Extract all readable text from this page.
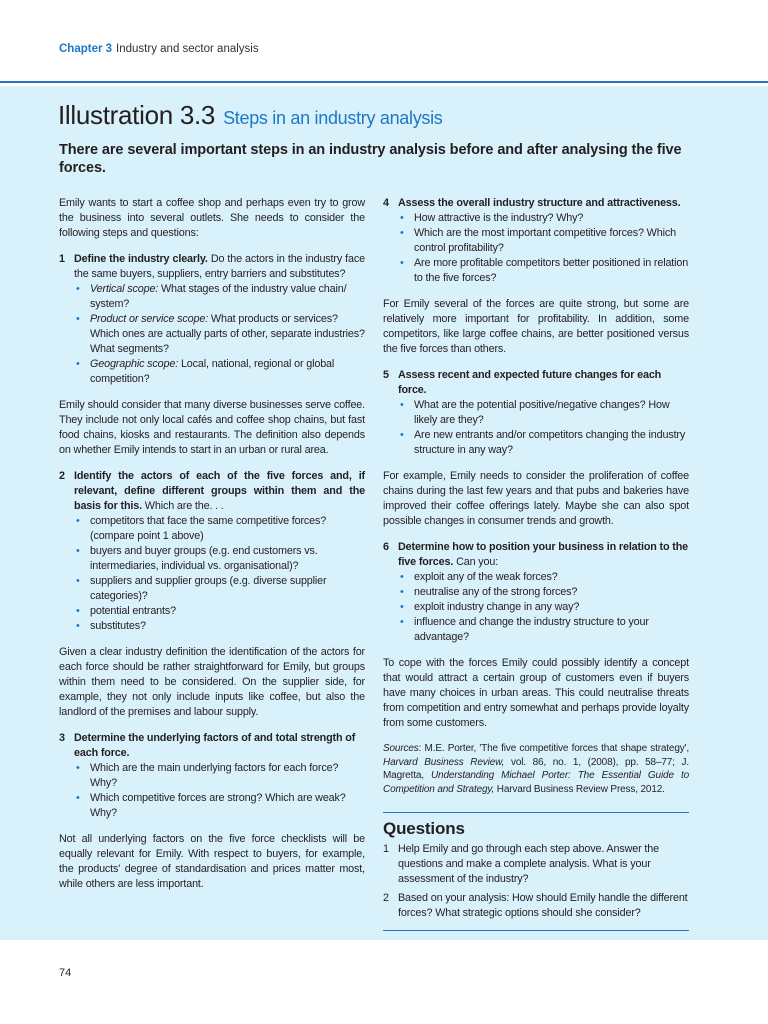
Chapter 3 Industry and sector analysis
Illustration 3.3 Steps in an industry analysis
There are several important steps in an industry analysis before and after analysing the five forces.

Emily wants to start a coffee shop and perhaps even try to grow the business into several outlets. She needs to consider the following steps and questions:

1 Define the industry clearly. Do the actors in the industry face the same buyers, suppliers, entry barriers and substitutes?
• Vertical scope: What stages of the industry value chain/ system?
• Product or service scope: What products or services? Which ones are actually parts of other, separate industries? What segments?
• Geographic scope: Local, national, regional or global competition?

Emily should consider that many diverse businesses serve coffee. They include not only local cafés and coffee shop chains, but fast food chains, kiosks and restaurants. The definition also depends on whether Emily intends to start in an urban or rural area.

2 Identify the actors of each of the five forces and, if relevant, define different groups within them and the basis for this. Which are the. . .
• competitors that face the same competitive forces? (compare point 1 above)
• buyers and buyer groups (e.g. end customers vs. intermediaries, individual vs. organisational)?
• suppliers and supplier groups (e.g. diverse supplier categories)?
• potential entrants?
• substitutes?

Given a clear industry definition the identification of the actors for each force should be rather straightforward for Emily, but groups within them need to be considered. On the supplier side, for example, they not only include inputs like coffee, but also the landlord of the premises and labour supply.

3 Determine the underlying factors of and total strength of each force.
• Which are the main underlying factors for each force? Why?
• Which competitive forces are strong? Which are weak? Why?

Not all underlying factors on the five force checklists will be equally relevant for Emily. With respect to buyers, for example, the products' degree of standardisation and prices matter most, while others are less important.

4 Assess the overall industry structure and attractiveness.
• How attractive is the industry? Why?
• Which are the most important competitive forces? Which control profitability?
• Are more profitable competitors better positioned in relation to the five forces?

For Emily several of the forces are quite strong, but some are relatively more important for profitability. In addition, some competitors, like large coffee chains, are better positioned versus the five forces than others.

5 Assess recent and expected future changes for each force.
• What are the potential positive/negative changes? How likely are they?
• Are new entrants and/or competitors changing the industry structure in any way?

For example, Emily needs to consider the proliferation of coffee chains during the last few years and that pubs and bakeries have improved their coffee offerings lately. Maybe she can also spot possible changes in consumer trends and growth.

6 Determine how to position your business in relation to the five forces. Can you:
• exploit any of the weak forces?
• neutralise any of the strong forces?
• exploit industry change in any way?
• influence and change the industry structure to your advantage?

To cope with the forces Emily could possibly identify a concept that would attract a certain group of customers even if buyers have many choices in urban areas. This could neutralise threats from competition and entry somewhat and perhaps provide loyalty from some customers.

Sources: M.E. Porter, 'The five competitive forces that shape strategy', Harvard Business Review, vol. 86, no. 1, (2008), pp. 58–77; J. Magretta, Understanding Michael Porter: The Essential Guide to Competition and Strategy, Harvard Business Review Press, 2012.

Questions
1 Help Emily and go through each step above. Answer the questions and make a complete analysis. What is your assessment of the industry?
2 Based on your analysis: How should Emily handle the different forces? What strategic options should she consider?
74
